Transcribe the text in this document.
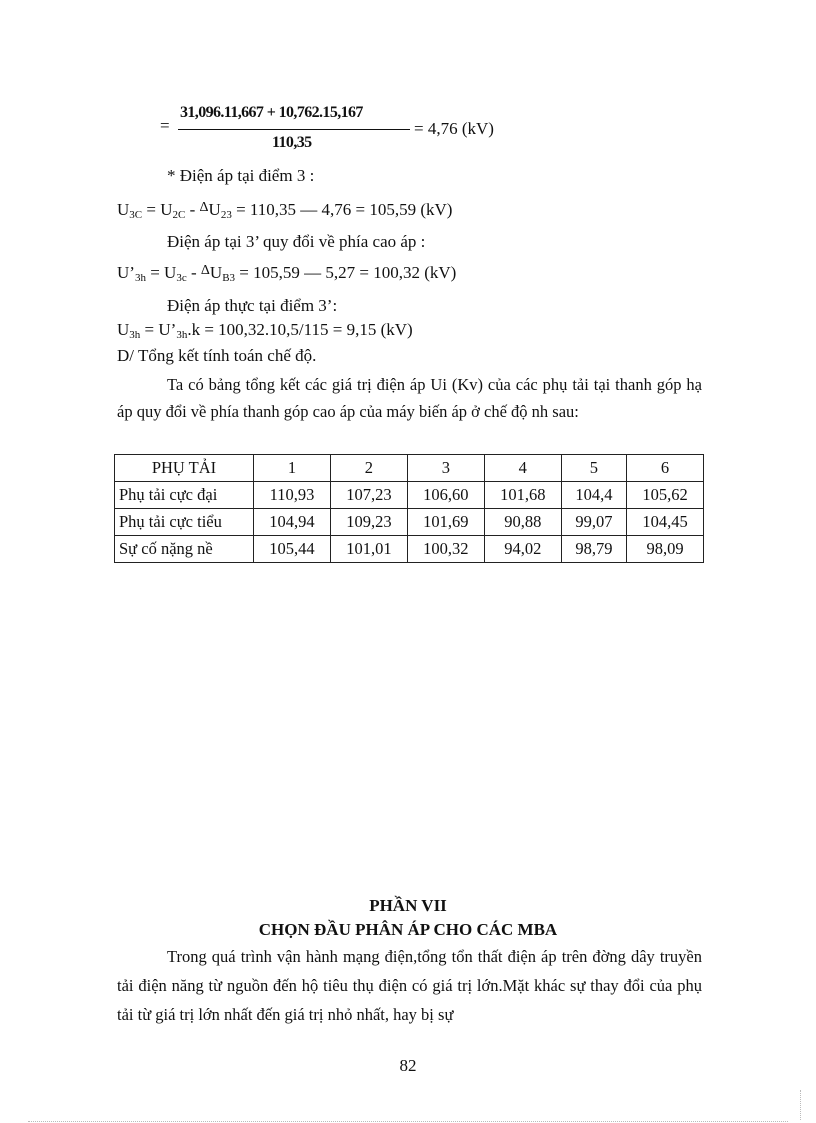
=
31,096.11,667 + 10,762.15,167
110,35
= 4,76 (kV)
* Điện áp tại điểm 3 :
$U_{3C} = U_{2C} - ^\Delta U_{23} = 110,35$ — 4,76 = 105,59 (kV)
Điện áp tại 3’ quy đổi về phía cao áp :
$U’_{3h} = U_{3c} - ^\Delta U_{B3} = 105,59$ — 5,27 = 100,32 (kV)
Điện áp thực tại điểm 3’:
$U_{3h}$ = $U’_{3h}.k = 100,32.10,5/115 = 9,15$ (kV)
D/ Tổng kết tính toán chế độ.
Ta có bảng tổng kết các giá trị điện áp Ui (Kv) của các phụ tải tại thanh góp hạ áp quy đổi về phía thanh góp cao áp của máy biến áp ở chế độ nh sau:
PHỤ TẢI	1	2	3	4	5	6
Phụ tải cực đại	110,93	107,23	106,60	101,68	104,4	105,62
Phụ tải cực tiểu	104,94	109,23	101,69	90,88	99,07	104,45
Sự cố nặng nề	105,44	101,01	100,32	94,02	98,79	98,09
PHẦN VII
CHỌN ĐẦU PHÂN ÁP CHO CÁC MBA
Trong quá trình vận hành mạng điện,tổng tổn thất điện áp trên đờng dây truyền tải điện năng từ nguồn đến hộ tiêu thụ điện có giá trị lớn.Mặt khác sự thay đổi của phụ tải từ giá trị lớn nhất đến giá trị nhỏ nhất, hay bị sự
82
